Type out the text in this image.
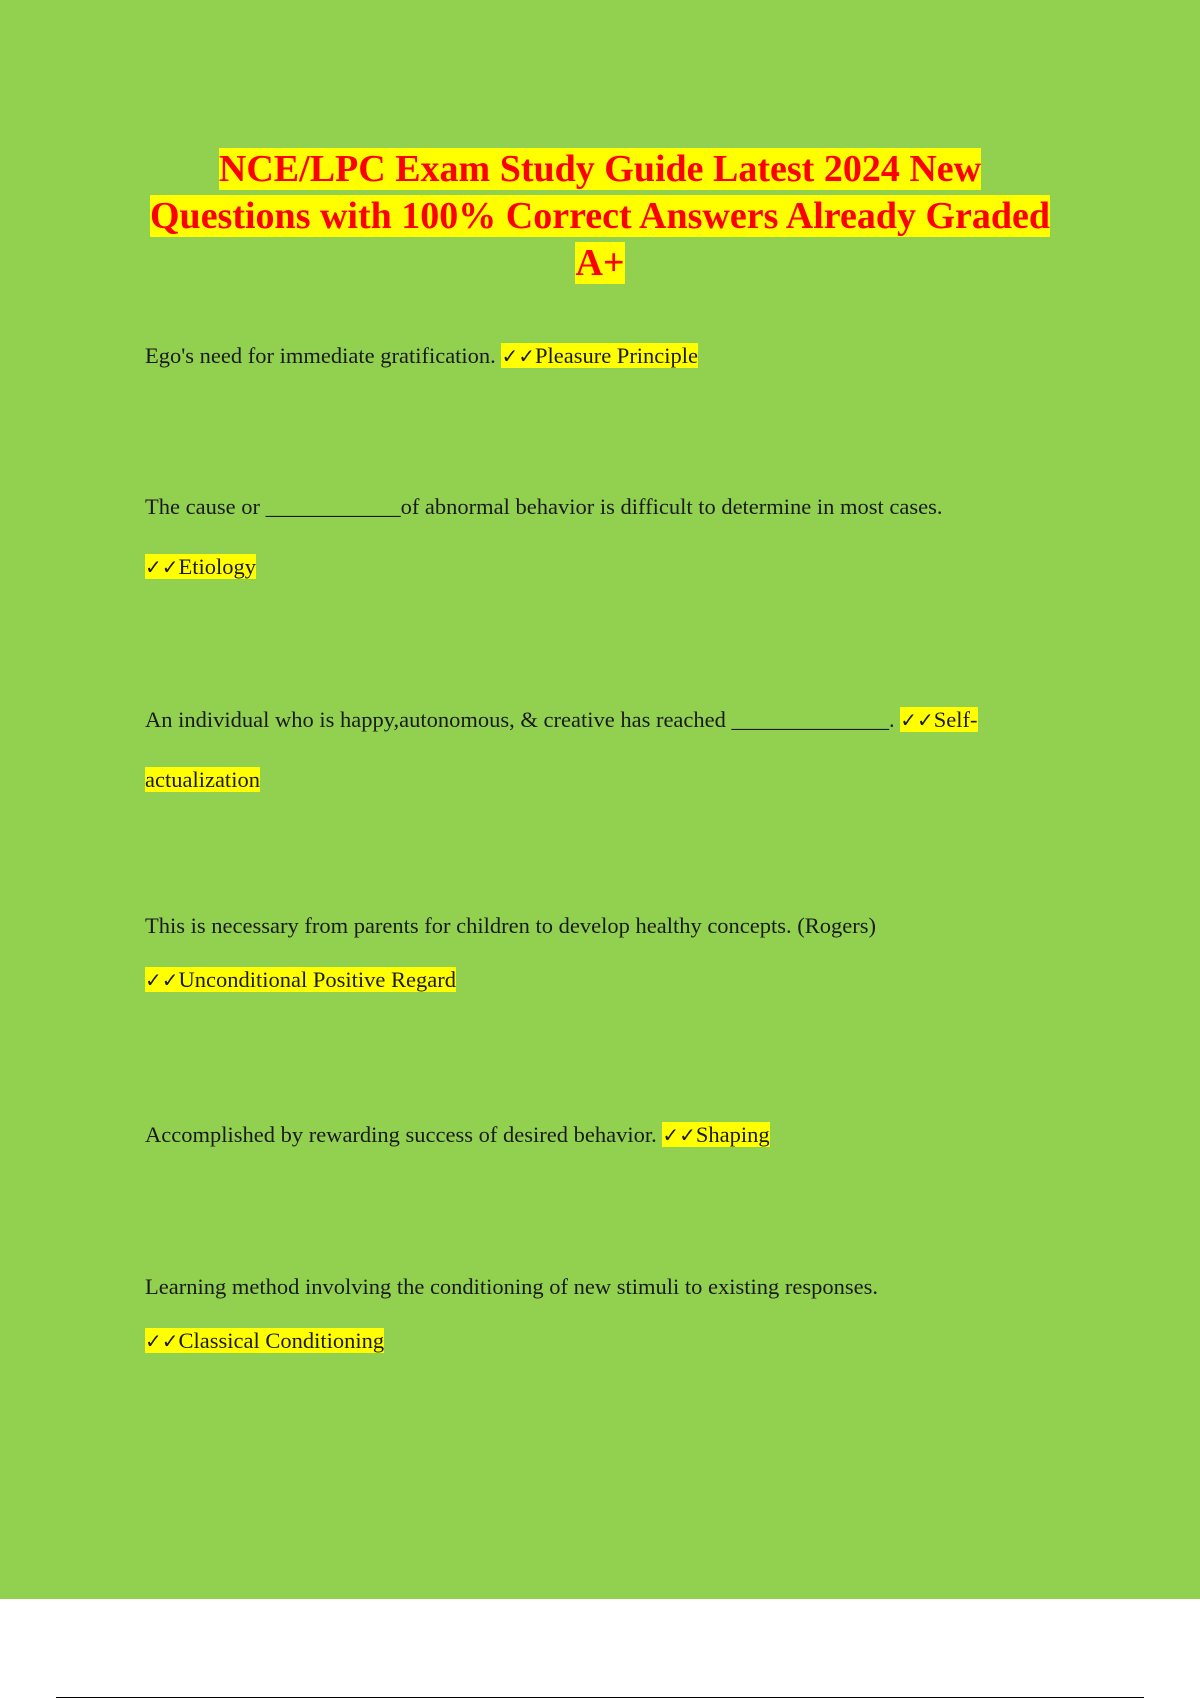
NCE/LPC Exam Study Guide Latest 2024 New Questions with 100% Correct Answers Already Graded A+

Ego's need for immediate gratification. ✓✓Pleasure Principle

The cause or ____________of abnormal behavior is difficult to determine in most cases.
✓✓Etiology

An individual who is happy,autonomous, & creative has reached ______________. ✓✓Self-
actualization

This is necessary from parents for children to develop healthy concepts. (Rogers)
✓✓Unconditional Positive Regard

Accomplished by rewarding success of desired behavior. ✓✓Shaping

Learning method involving the conditioning of new stimuli to existing responses.
✓✓Classical Conditioning
